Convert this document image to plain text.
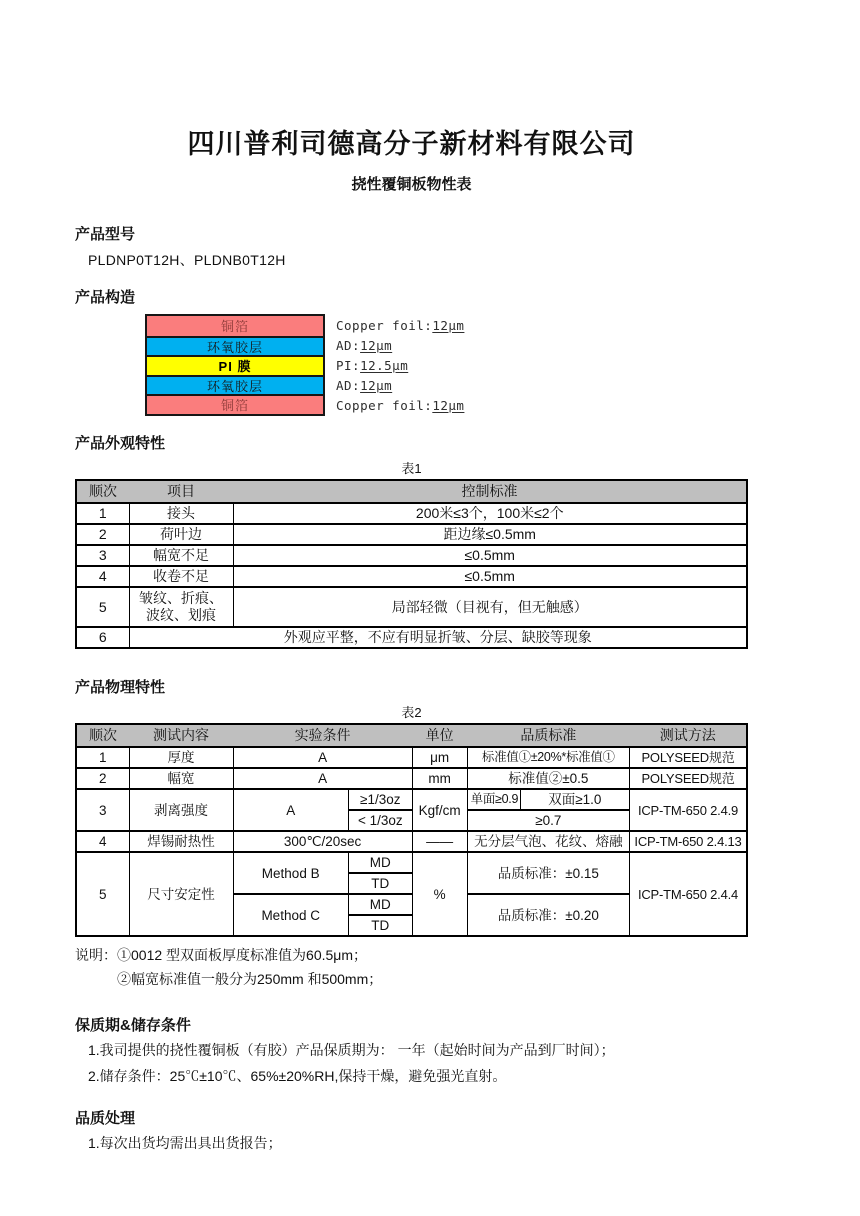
四川普利司德高分子新材料有限公司
挠性覆铜板物性表
产品型号
PLDNP0T12H、PLDNB0T12H
产品构造
铜箔
环氧胶层
PI 膜
环氧胶层
铜箔
Copper foil: 12μm
AD: 12μm
PI: 12.5μm
AD: 12μm
Copper foil: 12μm
产品外观特性
表1
顺次	项目	控制标准
1	接头	200米≤3个，100米≤2个
2	荷叶边	距边缘≤0.5mm
3	幅宽不足	≤0.5mm
4	收卷不足	≤0.5mm
5	皱纹、折痕、波纹、划痕	局部轻微（目视有，但无触感）
6	外观应平整，不应有明显折皱、分层、缺胶等现象	
产品物理特性
表2
顺次	测试内容	实验条件		单位	品质标准		测试方法
1	厚度	A		μm	标准值①±20%*标准值①		POLYSEED规范
2	幅宽	A		mm	标准值②±0.5		POLYSEED规范
3	剥离强度	A	≥1/3oz	Kgf/cm	单面≥0.9	双面≥1.0	ICP-TM-650 2.4.9
			< 1/3oz		≥0.7		
4	焊锡耐热性	300℃/20sec		——	无分层气泡、花纹、熔融		ICP-TM-650 2.4.13
5	尺寸安定性	Method B	MD	%	品质标准：±0.15		ICP-TM-650 2.4.4
			TD				
		Method C	MD		品质标准：±0.20		
			TD				
说明：①0012 型双面板厚度标准值为60.5μm；
②幅宽标准值一般分为250mm 和500mm；
保质期&储存条件
1.我司提供的挠性覆铜板（有胶）产品保质期为： 一年（起始时间为产品到厂时间）；
2.储存条件：25℃±10℃、65%±20%RH,保持干燥，避免强光直射。
品质处理
1.每次出货均需出具出货报告；
